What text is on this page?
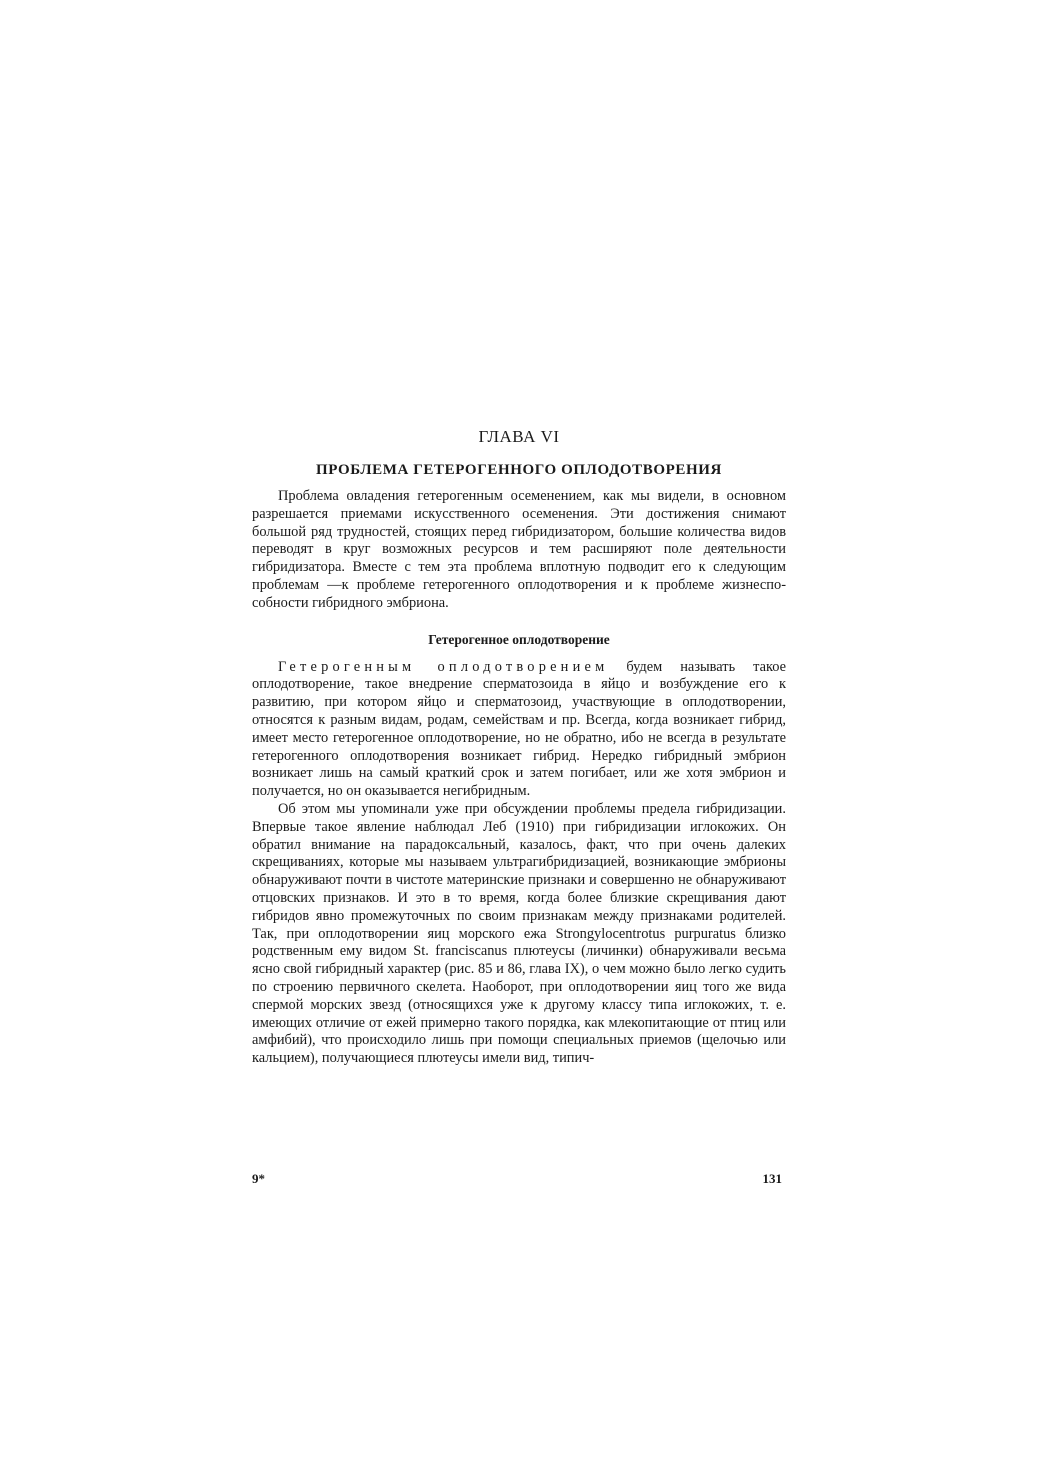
ГЛАВА VI
ПРОБЛЕМА ГЕТЕРОГЕННОГО ОПЛОДОТВОРЕНИЯ

Проблема овладения гетерогенным осеменением, как мы видели, в основном разрешается приемами искусственного осеменения. Эти достижения снимают большой ряд трудностей, стоящих перед гибридизатором, большие количества видов переводят в круг возможных ресурсов и тем расширяют поле деятельности гибридизатора. Вместе с тем эта проблема вплотную подводит его к следующим проблемам —к проблеме гетерогенного оплодотворения и к проблеме жизнеспособности гибридного эмбриона.

Гетерогенное оплодотворение

Гетерогенным оплодотворением будем называть такое оплодотворение, такое внедрение сперматозоида в яйцо и возбуждение его к развитию, при котором яйцо и сперматозоид, участвующие в оплодотворении, относятся к разным видам, родам, семействам и пр. Всегда, когда возникает гибрид, имеет место гетерогенное оплодотворение, но не обратно, ибо не всегда в результате гетерогенного оплодотворения возникает гибрид. Нередко гибридный эмбрион возникает лишь на самый краткий срок и затем погибает, или же хотя эмбрион и получается, но он оказывается негибридным.

Об этом мы упоминали уже при обсуждении проблемы предела гибридизации. Впервые такое явление наблюдал Леб (1910) при гибридизации иглокожих. Он обратил внимание на парадоксальный, казалось, факт, что при очень далеких скрещиваниях, которые мы называем ультрагибридизацией, возникающие эмбрионы обнаруживают почти в чистоте материнские признаки и совершенно не обнаруживают отцовских признаков. И это в то время, когда более близкие скрещивания дают гибридов явно промежуточных по своим признакам между признаками родителей. Так, при оплодотворении яиц морского ежа Strongylocentrotus purpuratus близко родственным ему видом St. franciscanus плютеусы (личинки) обнаруживали весьма ясно свой гибридный характер (рис. 85 и 86, глава IX), о чем можно было легко судить по строению первичного скелета. Наоборот, при оплодотворении яиц того же вида спермой морских звезд (относящихся уже к другому классу типа иглокожих, т. е. имеющих отличие от ежей примерно такого порядка, как млекопитающие от птиц или амфибий), что происходило лишь при помощи специальных приемов (щелочью или кальцием), получающиеся плютеусы имели вид, типич-

9*	131
